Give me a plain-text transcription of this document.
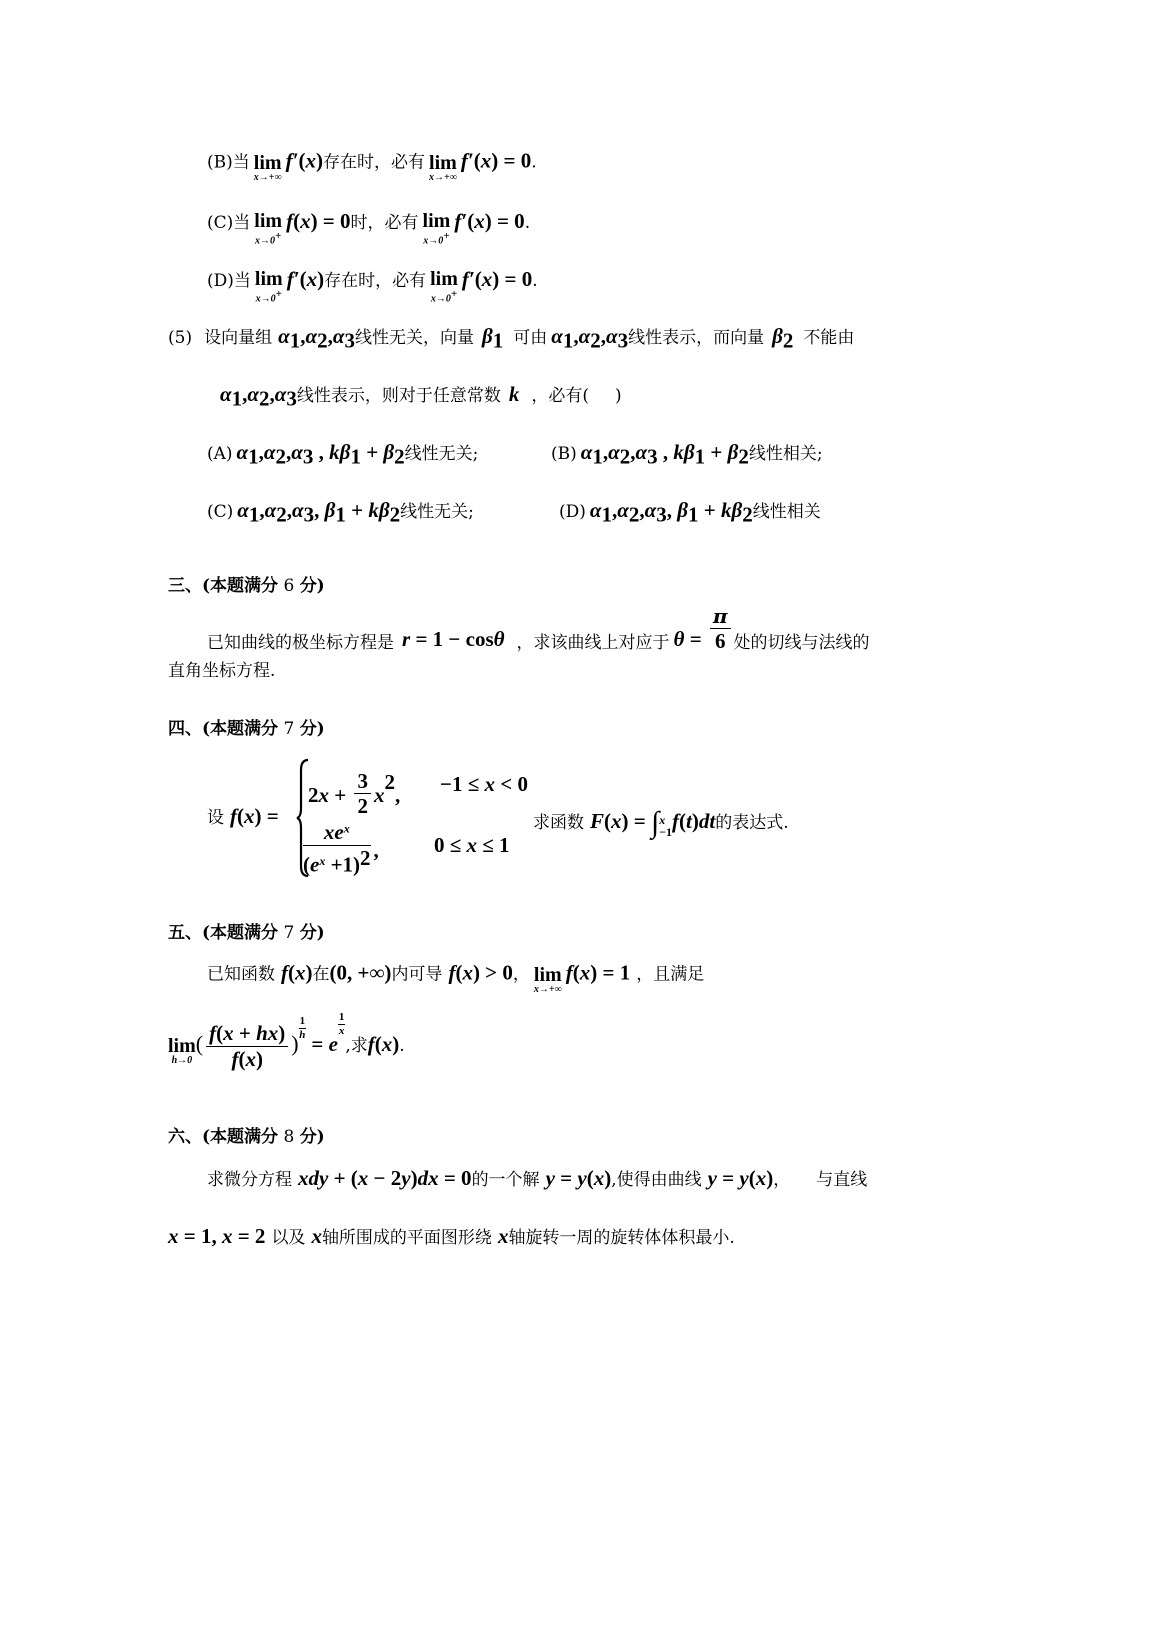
(B)当 lim
x→+∞
f′(x)存在时，必有 lim
x→+∞
f′(x) = 0.
(C)当 lim
x→0+
f(x) = 0时，必有 lim
x→0+
f′(x) = 0.
(D)当 lim
x→0+
f′(x)存在时，必有 lim
x→0+
f′(x) = 0.
(5) 设向量组 $\alpha_1,\alpha_2,\alpha_3$线性无关，向量 $\beta_1$ 可由 $\alpha_1,\alpha_2,\alpha_3$线性表示，而向量 $\beta_2$ 不能由
$\alpha_1,\alpha_2,\alpha_3$线性表示，则对于任意常数 k ，必有( )
(A) $\alpha_1,\alpha_2,\alpha_3$ , $k\beta_1 + \beta_2$线性无关;	(B) $\alpha_1,\alpha_2,\alpha_3$ , $k\beta_1 + \beta_2$线性相关;
(C) $\alpha_1,\alpha_2,\alpha_3$, $\beta_1 + k\beta_2$线性无关;	(D) $\alpha_1,\alpha_2,\alpha_3$, $\beta_1 + k\beta_2$线性相关
三、(本题满分 6 分)
已知曲线的极坐标方程是 r = 1 − cosθ ，求该曲线上对应于 $\theta = \frac{\pi}{6}$ 处的切线与法线的
直角坐标方程.
四、(本题满分 7 分)
设 f(x) =
$2x + \frac{3}{2} x^2$, −1 ≤ x < 0
$\frac{xe^x}{(e^x +1)^2}$ ,	0 ≤ x ≤ 1
求函数 F(x) = ∫ x
−1 f(t)dt的表达式.
五、(本题满分 7 分)
已知函数 f(x)在(0, +∞)内可导 f(x) > 0， lim
x→+∞
f(x) = 1 ，且满足
lim
h→0
( $\frac{f(x + hx)}{f(x)}$ )
$\frac{1}{h}$
= e
$\frac{1}{x}$
,求f(x).
六、(本题满分 8 分)
求微分方程 xdy + (x − 2y)dx = 0的一个解 y = y(x),使得由曲线 y = y(x)， 与直线
x = 1, x = 2 以及 x轴所围成的平面图形绕 x轴旋转一周的旋转体体积最小.
